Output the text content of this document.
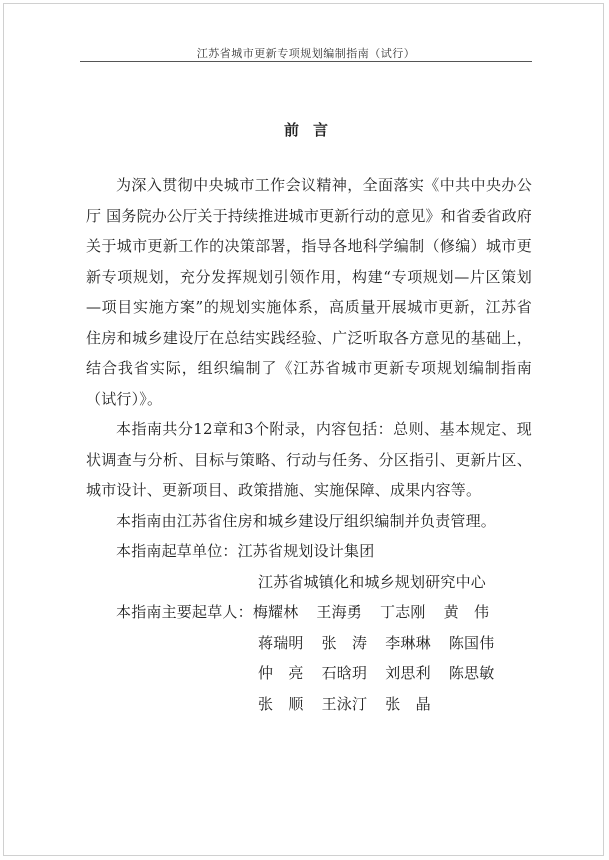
江苏省城市更新专项规划编制指南（试行）
前言

为深入贯彻中央城市工作会议精神，全面落实《中共中央办公厅 国务院办公厅关于持续推进城市更新行动的意见》和省委省政府关于城市更新工作的决策部署，指导各地科学编制（修编）城市更新专项规划，充分发挥规划引领作用，构建“专项规划—片区策划—项目实施方案”的规划实施体系，高质量开展城市更新，江苏省住房和城乡建设厅在总结实践经验、广泛听取各方意见的基础上，结合我省实际，组织编制了《江苏省城市更新专项规划编制指南（试行）》。

本指南共分12章和3个附录，内容包括：总则、基本规定、现状调查与分析、目标与策略、行动与任务、分区指引、更新片区、城市设计、更新项目、政策措施、实施保障、成果内容等。

本指南由江苏省住房和城乡建设厅组织编制并负责管理。

本指南起草单位： 江苏省规划设计集团
江苏省城镇化和城乡规划研究中心
本指南主要起草人： 梅耀林 王海勇 丁志刚 黄　伟
蒋瑞明 张　涛 李琳琳 陈国伟
仲　亮 石晗玥 刘思利 陈思敏
张　顺 王泳汀 张　晶
